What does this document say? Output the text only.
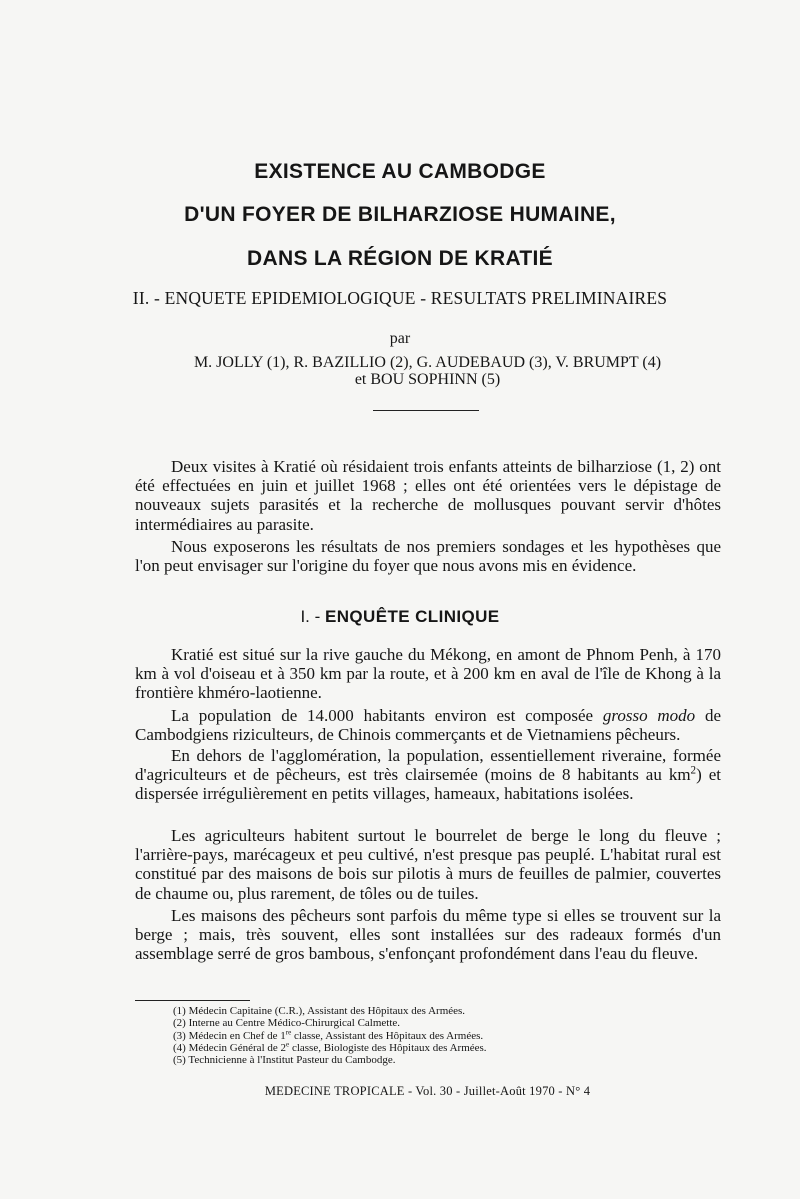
EXISTENCE AU CAMBODGE
D'UN FOYER DE BILHARZIOSE HUMAINE,
DANS LA RÉGION DE KRATIÉ
II. - ENQUETE EPIDEMIOLOGIQUE - RESULTATS PRELIMINAIRES
par
M. JOLLY (1), R. BAZILLIO (2), G. AUDEBAUD (3), V. BRUMPT (4)
et BOU SOPHINN (5)

Deux visites à Kratié où résidaient trois enfants atteints de bilharziose (1, 2) ont été effectuées en juin et juillet 1968 ; elles ont été orientées vers le dépistage de nouveaux sujets parasités et la recherche de mollusques pouvant servir d'hôtes intermédiaires au parasite.

Nous exposerons les résultats de nos premiers sondages et les hypothèses que l'on peut envisager sur l'origine du foyer que nous avons mis en évidence.

I. - ENQUÊTE CLINIQUE

Kratié est situé sur la rive gauche du Mékong, en amont de Phnom Penh, à 170 km à vol d'oiseau et à 350 km par la route, et à 200 km en aval de l'île de Khong à la frontière khméro-laotienne.

La population de 14.000 habitants environ est composée grosso modo de Cambodgiens riziculteurs, de Chinois commerçants et de Vietnamiens pêcheurs.

En dehors de l'agglomération, la population, essentiellement riveraine, formée d'agriculteurs et de pêcheurs, est très clairsemée (moins de 8 habitants au $km^2$) et dispersée irrégulièrement en petits villages, hameaux, habitations isolées.

Les agriculteurs habitent surtout le bourrelet de berge le long du fleuve ; l'arrière-pays, marécageux et peu cultivé, n'est presque pas peuplé. L'habitat rural est constitué par des maisons de bois sur pilotis à murs de feuilles de palmier, couvertes de chaume ou, plus rarement, de tôles ou de tuiles.

Les maisons des pêcheurs sont parfois du même type si elles se trouvent sur la berge ; mais, très souvent, elles sont installées sur des radeaux formés d'un assemblage serré de gros bambous, s'enfonçant profondément dans l'eau du fleuve.

(1) Médecin Capitaine (C.R.), Assistant des Hôpitaux des Armées.
(2) Interne au Centre Médico-Chirurgical Calmette.
(3) Médecin en Chef de 1re classe, Assistant des Hôpitaux des Armées.
(4) Médecin Général de 2e classe, Biologiste des Hôpitaux des Armées.
(5) Technicienne à l'Institut Pasteur du Cambodge.
MEDECINE TROPICALE - Vol. 30 - Juillet-Août 1970 - N° 4
